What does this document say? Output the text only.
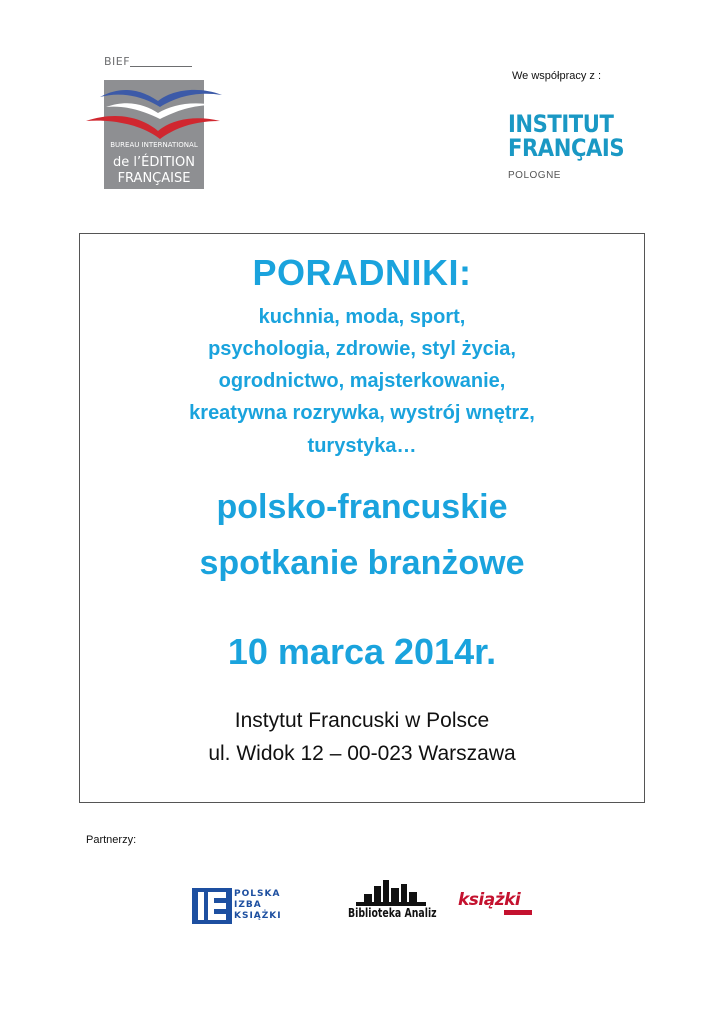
BIEF
BUREAU INTERNATIONAL
de l’ÉDITION
FRANÇAISE
We współpracy z :
INSTITUT
FRANÇAIS
POLOGNE
PORADNIKI:
kuchnia, moda, sport,
psychologia, zdrowie, styl życia,
ogrodnictwo, majsterkowanie,
kreatywna rozrywka, wystrój wnętrz,
turystyka…
polsko-francuskie
spotkanie branżowe
10 marca 2014r.
Instytut Francuski w Polsce
ul. Widok 12 – 00-023 Warszawa
Partnerzy:
POLSKA
IZBA
KSIĄŻKI	Biblioteka Analiz
książki
